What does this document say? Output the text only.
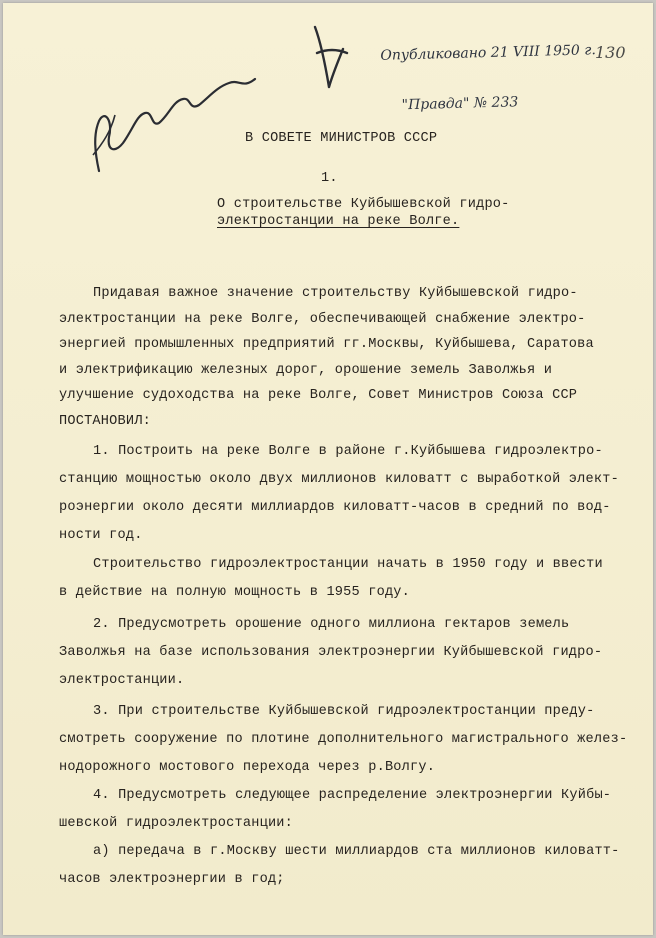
Опубликовано 21 VIII 1950 г.

"Правда" № 233

130
В СОВЕТЕ МИНИСТРОВ СССР
1.
О строительстве Куйбышевской гидро-
электростанции на реке Волге.

Придавая важное значение строительству Куйбышевской гидро-
электростанции на реке Волге, обеспечивающей снабжение электро-
энергией промышленных предприятий гг.Москвы, Куйбышева, Саратова
и электрификацию железных дорог, орошение земель Заволжья и
улучшение судоходства на реке Волге, Совет Министров Союза ССР
ПОСТАНОВИЛ:

1. Построить на реке Волге в районе г.Куйбышева гидроэлектро-
станцию мощностью около двух миллионов киловатт с выработкой элект-
роэнергии около десяти миллиардов киловатт-часов в средний по вод-
ности год.

Строительство гидроэлектростанции начать в 1950 году и ввести
в действие на полную мощность в 1955 году.

2. Предусмотреть орошение одного миллиона гектаров земель
Заволжья на базе использования электроэнергии Куйбышевской гидро-
электростанции.

3. При строительстве Куйбышевской гидроэлектростанции преду-
смотреть сооружение по плотине дополнительного магистрального желез-
нодорожного мостового перехода через р.Волгу.

4. Предусмотреть следующее распределение электроэнергии Куйбы-
шевской гидроэлектростанции:

а) передача в г.Москву шести миллиардов ста миллионов киловатт-
часов электроэнергии в год;
